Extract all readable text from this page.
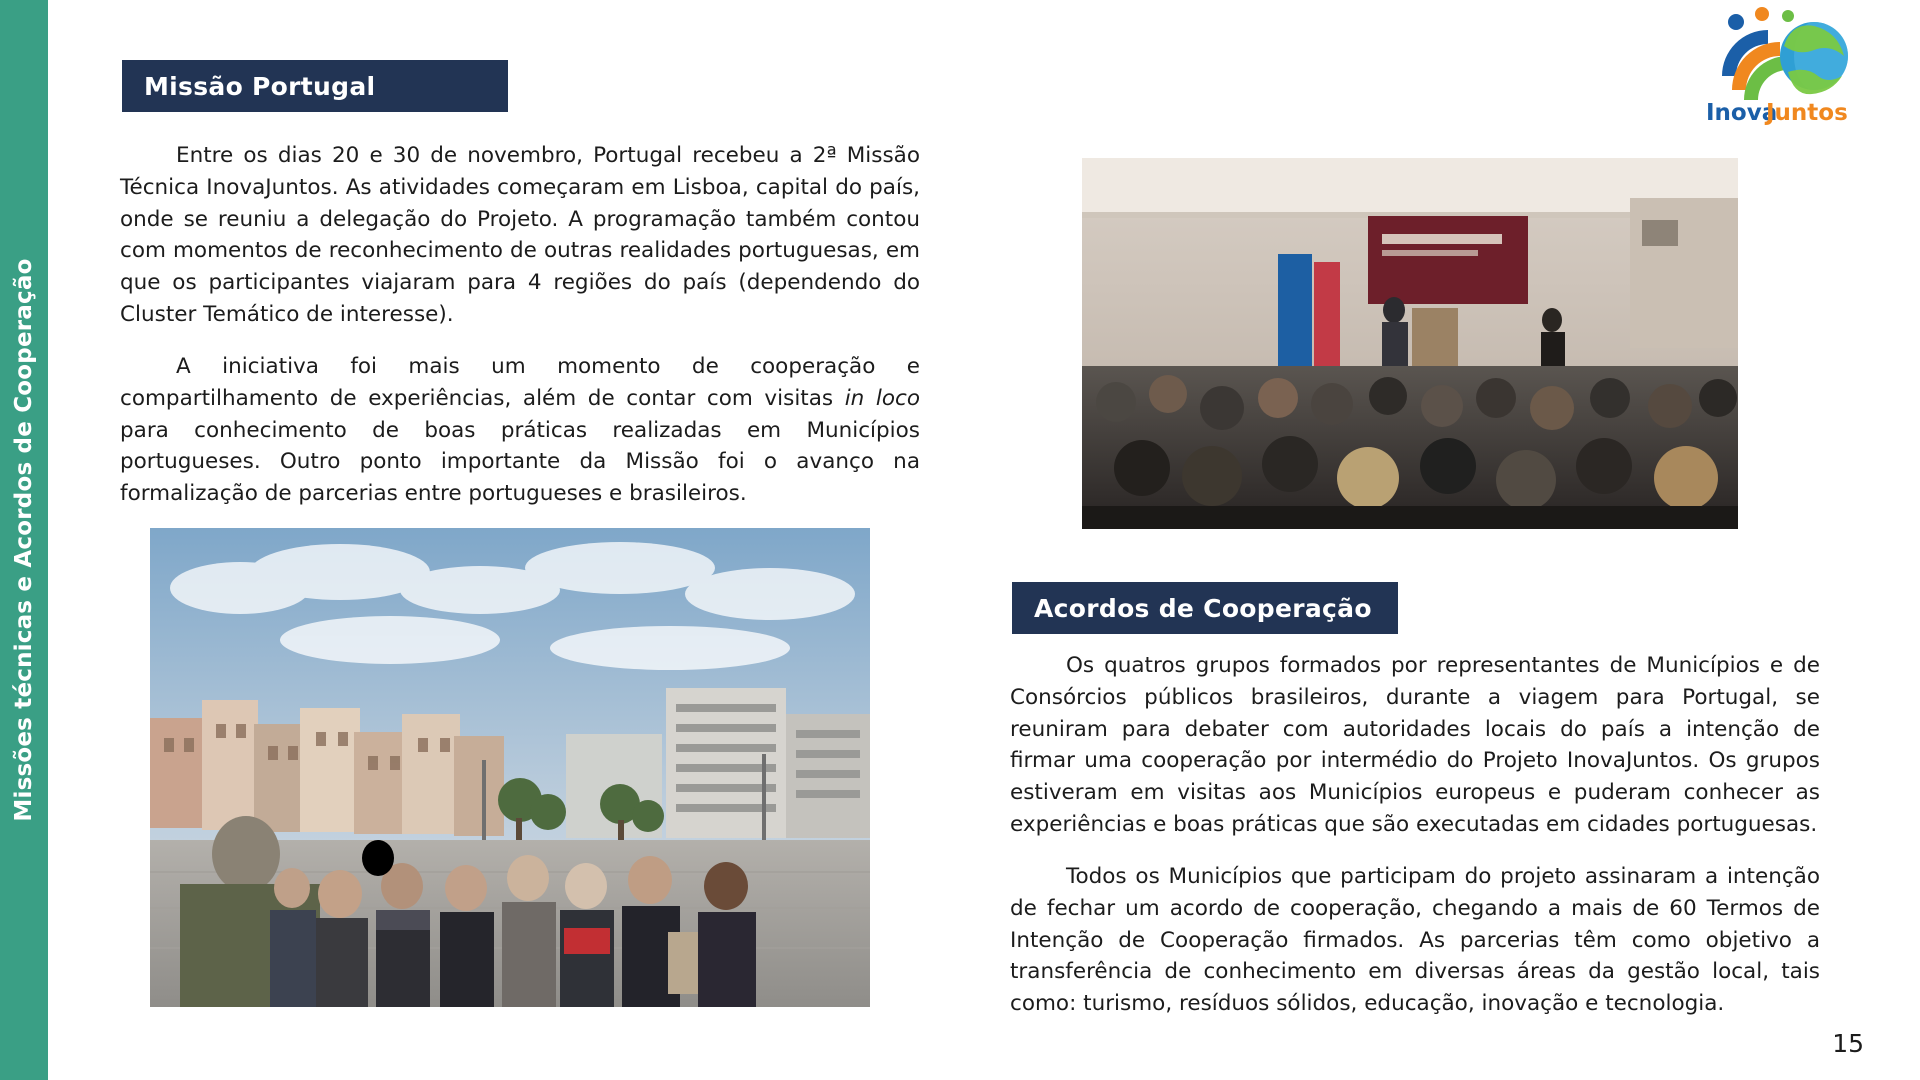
Missões técnicas e Acordos de Cooperação
Inova
Juntos
Missão Portugal

Entre os dias 20 e 30 de novembro, Portugal recebeu a 2ª Missão Técnica InovaJuntos. As atividades começaram em Lisboa, capital do país, onde se reuniu a delegação do Projeto. A programação também contou com momentos de reconhecimento de outras realidades portuguesas, em que os participantes viajaram para 4 regiões do país (dependendo do Cluster Temático de interesse).

A iniciativa foi mais um momento de cooperação e compartilhamento de experiências, além de contar com visitas in loco para conhecimento de boas práticas realizadas em Municípios portugueses. Outro ponto importante da Missão foi o avanço na formalização de parcerias entre portugueses e brasileiros.

Acordos de Cooperação

Os quatros grupos formados por representantes de Municípios e de Consórcios públicos brasileiros, durante a viagem para Portugal, se reuniram para debater com autoridades locais do país a intenção de firmar uma cooperação por intermédio do Projeto InovaJuntos. Os grupos estiveram em visitas aos Municípios europeus e puderam conhecer as experiências e boas práticas que são executadas em cidades portuguesas.

Todos os Municípios que participam do projeto assinaram a intenção de fechar um acordo de cooperação, chegando a mais de 60 Termos de Intenção de Cooperação firmados. As parcerias têm como objetivo a transferência de conhecimento em diversas áreas da gestão local, tais como: turismo, resíduos sólidos, educação, inovação e tecnologia.

15
